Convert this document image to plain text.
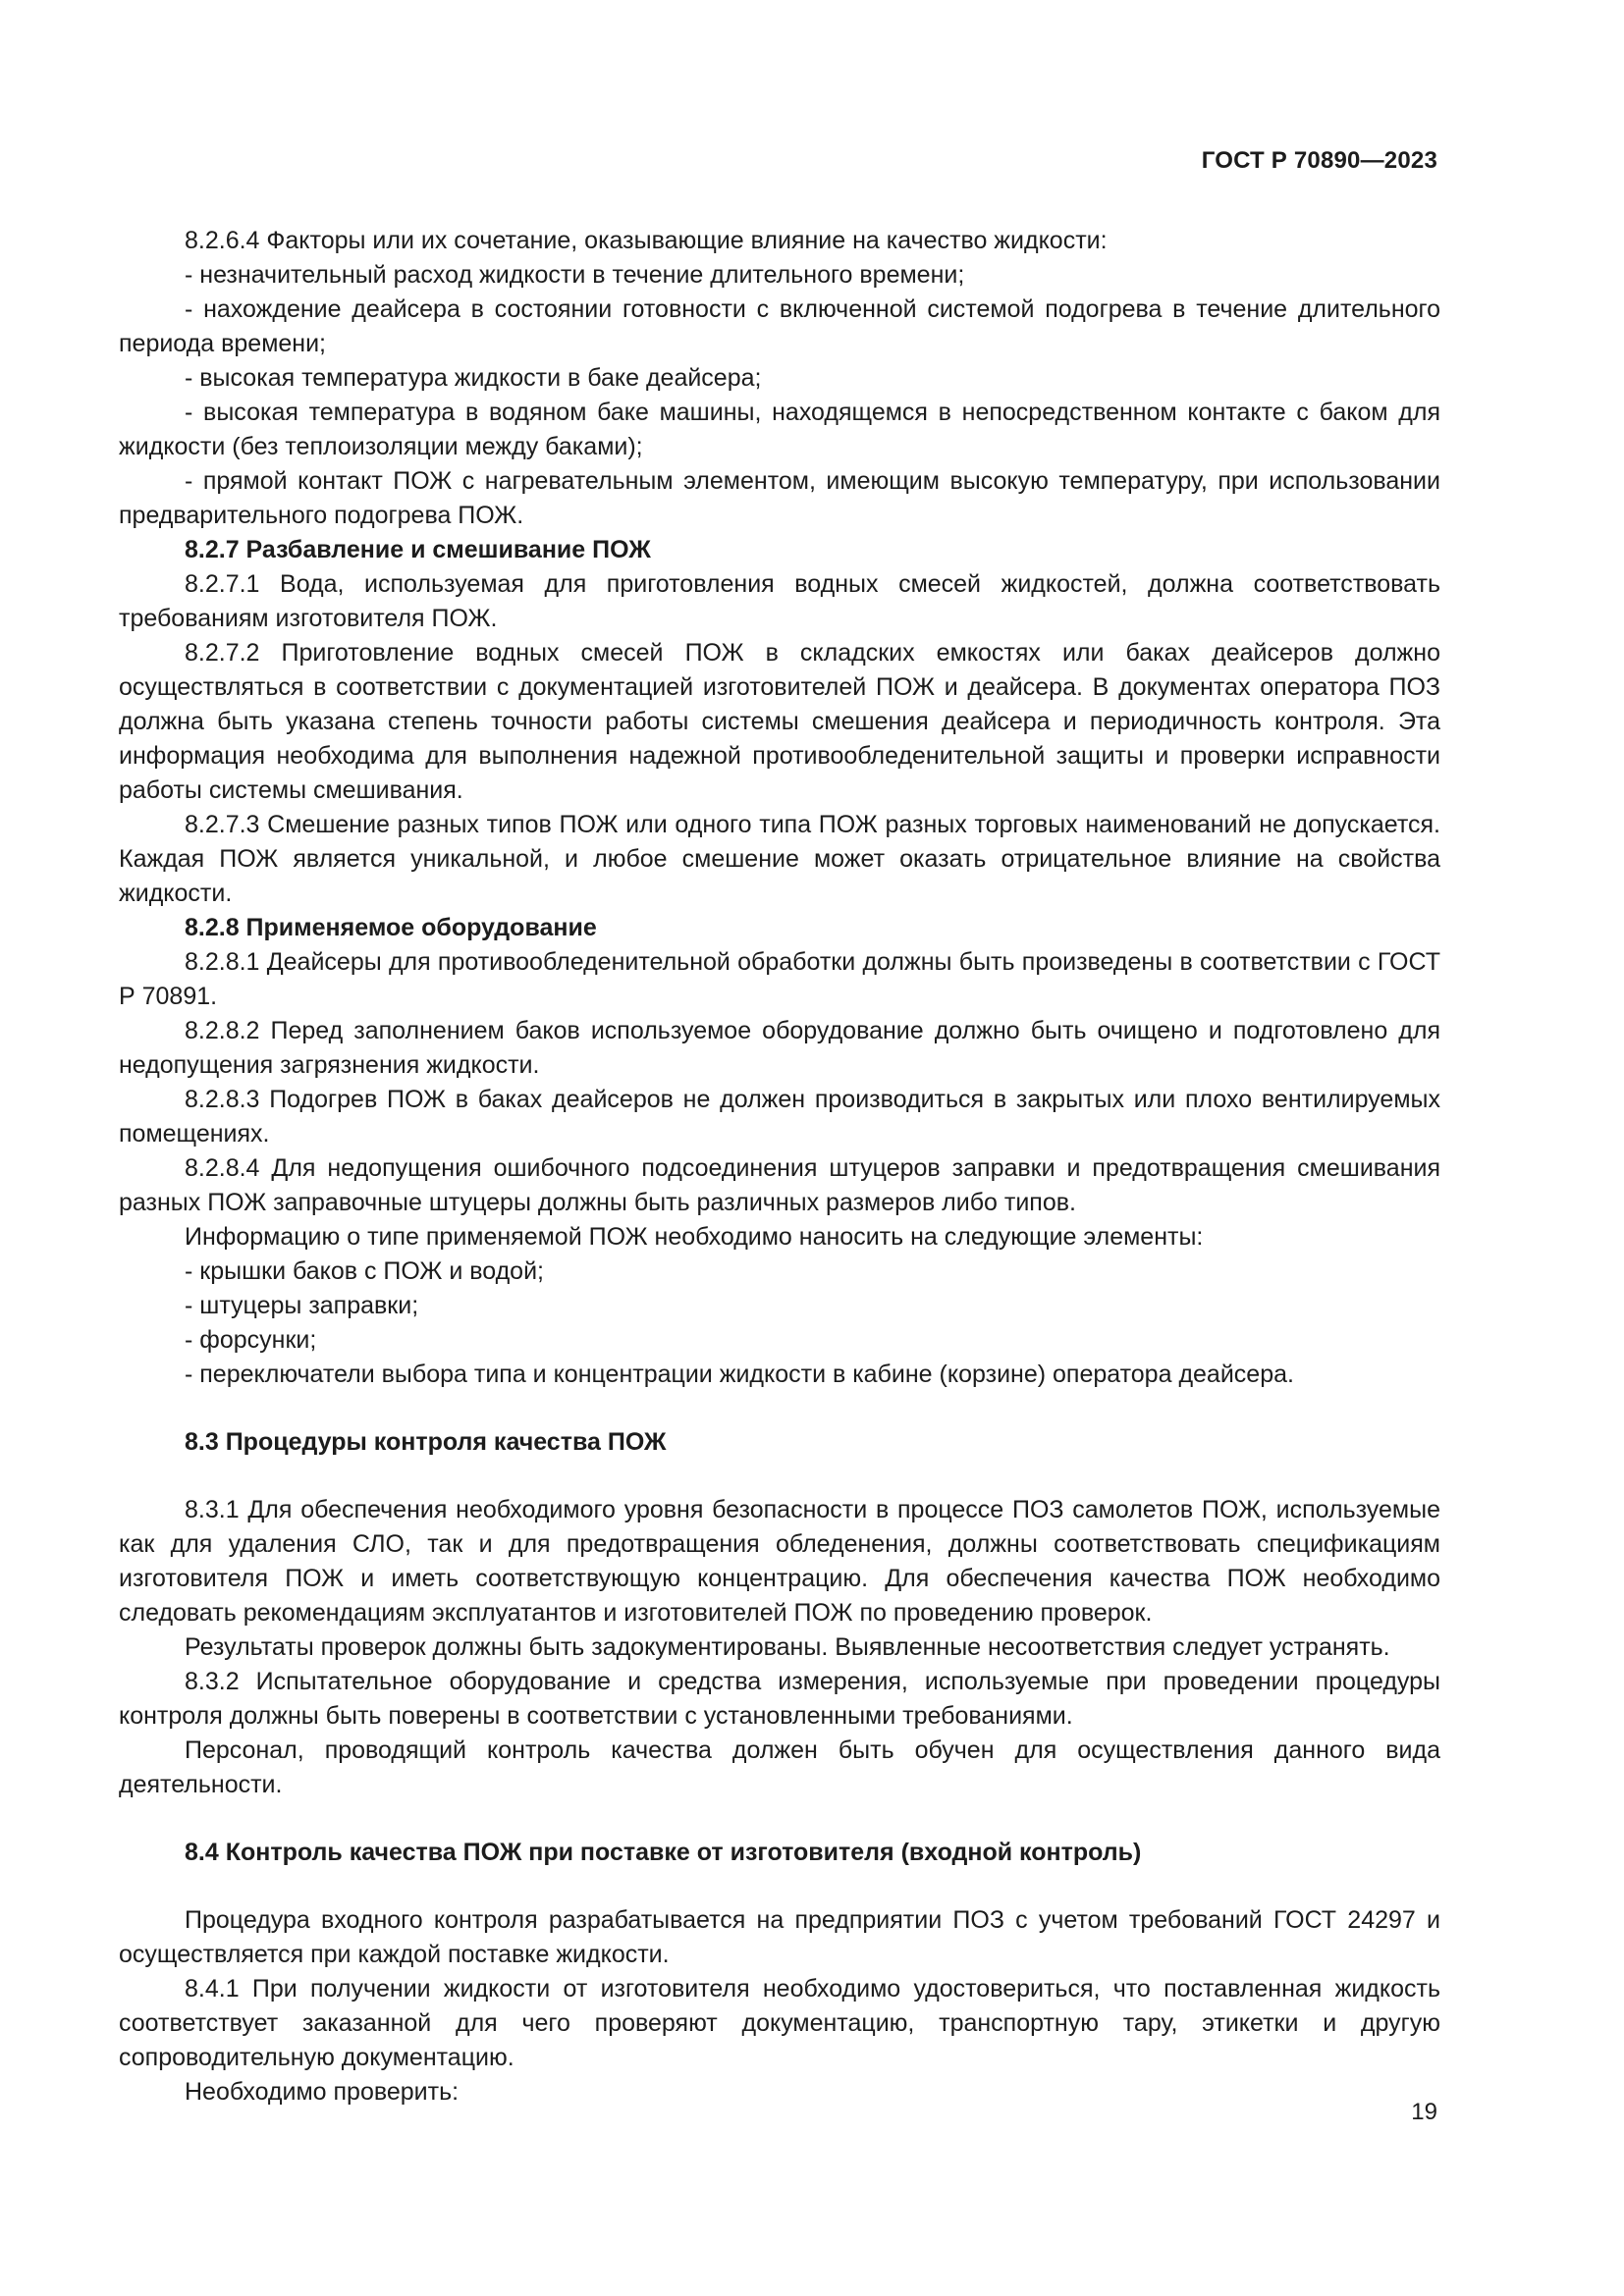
ГОСТ Р 70890—2023

8.2.6.4 Факторы или их сочетание, оказывающие влияние на качество жидкости:

- незначительный расход жидкости в течение длительного времени;

- нахождение деайсера в состоянии готовности с включенной системой подогрева в течение длительного периода времени;

- высокая температура жидкости в баке деайсера;

- высокая температура в водяном баке машины, находящемся в непосредственном контакте с баком для жидкости (без теплоизоляции между баками);

- прямой контакт ПОЖ с нагревательным элементом, имеющим высокую температуру, при использовании предварительного подогрева ПОЖ.

8.2.7 Разбавление и смешивание ПОЖ

8.2.7.1 Вода, используемая для приготовления водных смесей жидкостей, должна соответствовать требованиям изготовителя ПОЖ.

8.2.7.2 Приготовление водных смесей ПОЖ в складских емкостях или баках деайсеров должно осуществляться в соответствии с документацией изготовителей ПОЖ и деайсера. В документах оператора ПОЗ должна быть указана степень точности работы системы смешения деайсера и периодичность контроля. Эта информация необходима для выполнения надежной противообледенительной защиты и проверки исправности работы системы смешивания.

8.2.7.3 Смешение разных типов ПОЖ или одного типа ПОЖ разных торговых наименований не допускается. Каждая ПОЖ является уникальной, и любое смешение может оказать отрицательное влияние на свойства жидкости.

8.2.8 Применяемое оборудование

8.2.8.1 Деайсеры для противообледенительной обработки должны быть произведены в соответствии с ГОСТ Р 70891.

8.2.8.2 Перед заполнением баков используемое оборудование должно быть очищено и подготовлено для недопущения загрязнения жидкости.

8.2.8.3 Подогрев ПОЖ в баках деайсеров не должен производиться в закрытых или плохо вентилируемых помещениях.

8.2.8.4 Для недопущения ошибочного подсоединения штуцеров заправки и предотвращения смешивания разных ПОЖ заправочные штуцеры должны быть различных размеров либо типов.

Информацию о типе применяемой ПОЖ необходимо наносить на следующие элементы:

- крышки баков с ПОЖ и водой;

- штуцеры заправки;

- форсунки;

- переключатели выбора типа и концентрации жидкости в кабине (корзине) оператора деайсера.

8.3 Процедуры контроля качества ПОЖ

8.3.1 Для обеспечения необходимого уровня безопасности в процессе ПОЗ самолетов ПОЖ, используемые как для удаления СЛО, так и для предотвращения обледенения, должны соответствовать спецификациям изготовителя ПОЖ и иметь соответствующую концентрацию. Для обеспечения качества ПОЖ необходимо следовать рекомендациям эксплуатантов и изготовителей ПОЖ по проведению проверок.

Результаты проверок должны быть задокументированы. Выявленные несоответствия следует устранять.

8.3.2 Испытательное оборудование и средства измерения, используемые при проведении процедуры контроля должны быть поверены в соответствии с установленными требованиями.

Персонал, проводящий контроль качества должен быть обучен для осуществления данного вида деятельности.

8.4 Контроль качества ПОЖ при поставке от изготовителя (входной контроль)

Процедура входного контроля разрабатывается на предприятии ПОЗ с учетом требований ГОСТ 24297 и осуществляется при каждой поставке жидкости.

8.4.1 При получении жидкости от изготовителя необходимо удостовериться, что поставленная жидкость соответствует заказанной для чего проверяют документацию, транспортную тару, этикетки и другую сопроводительную документацию.

Необходимо проверить:

19
